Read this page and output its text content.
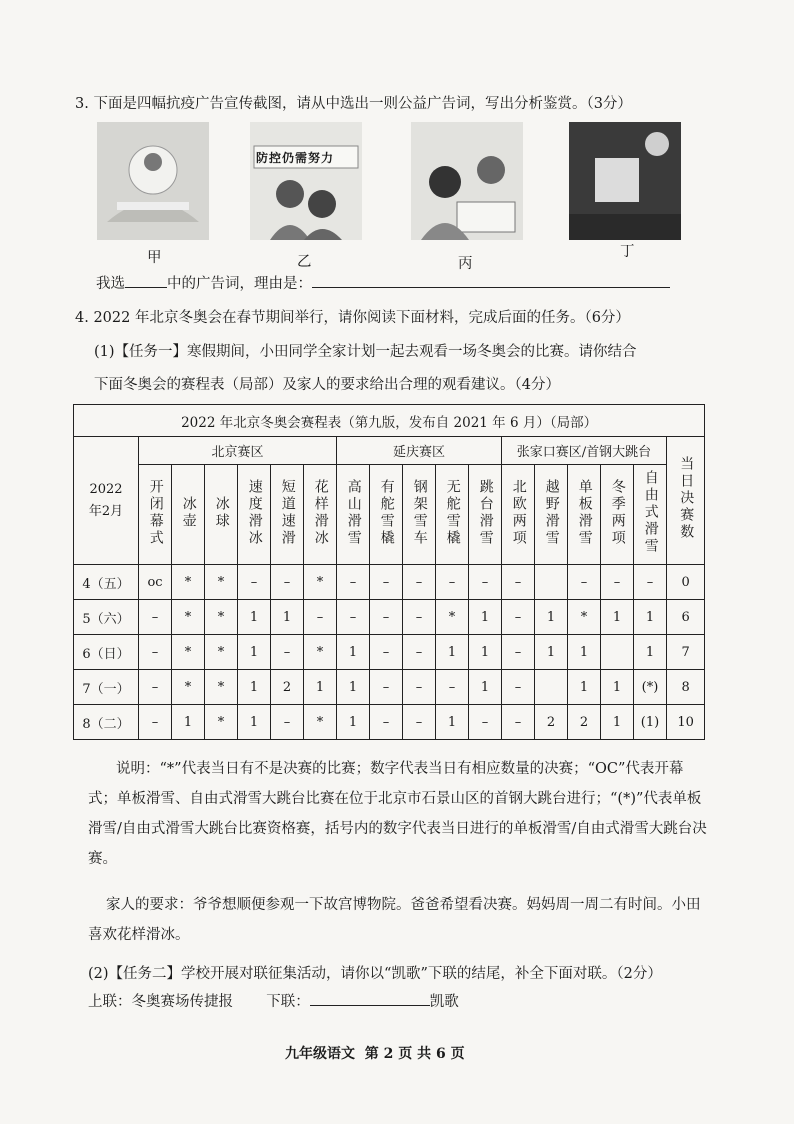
3. 下面是四幅抗疫广告宣传截图，请从中选出一则公益广告词，写出分析鉴赏。（3分）
防控仍需努力
甲	乙	丙
丁
我选	中的广告词，理由是：
4. 2022 年北京冬奥会在春节期间举行，请你阅读下面材料，完成后面的任务。（6分）
(1)【任务一】寒假期间，小田同学全家计划一起去观看一场冬奥会的比赛。请你结合
下面冬奥会的赛程表（局部）及家人的要求给出合理的观看建议。（4分）
2022 年北京冬奥会赛程表（第九版，发布自 2021 年 6 月）（局部）																	
2022年2月	北京赛区						延庆赛区					张家口赛区/首钢大跳台					当日决赛数
	开闭幕式	冰壶	冰球	速度滑冰	短道速滑	花样滑冰	高山滑雪	有舵雪橇	钢架雪车	无舵雪橇	跳台滑雪	北欧两项	越野滑雪	单板滑雪	冬季两项	自由式滑雪	
4（五）	oc	*	*	–	–	*	–	–	–	–	–	–		–	–	–	0
5（六）	–	*	*	1	1	–	–	–	–	*	1	–	1	*	1	1	6
6（日）	–	*	*	1	–	*	1	–	–	1	1	–	1	1		1	7
7（一）	–	*	*	1	2	1	1	–	–	–	1	–		1	1	(*)	8
8（二）	–	1	*	1	–	*	1	–	–	1	–	–	2	2	1	(1)	10
说明：“*”代表当日有不是决赛的比赛；数字代表当日有相应数量的决赛；“OC”代表开幕式；单板滑雪、自由式滑雪大跳台比赛在位于北京市石景山区的首钢大跳台进行；“(*)”代表单板滑雪/自由式滑雪大跳台比赛资格赛，括号内的数字代表当日进行的单板滑雪/自由式滑雪大跳台决赛。
家人的要求：爷爷想顺便参观一下故宫博物院。爸爸希望看决赛。妈妈周一周二有时间。小田喜欢花样滑冰。
(2)【任务二】学校开展对联征集活动，请你以“凯歌”下联的结尾，补全下面对联。（2分）
上联：冬奥赛场传捷报 下联：	凯歌
九年级语文  第 2 页 共 6 页
